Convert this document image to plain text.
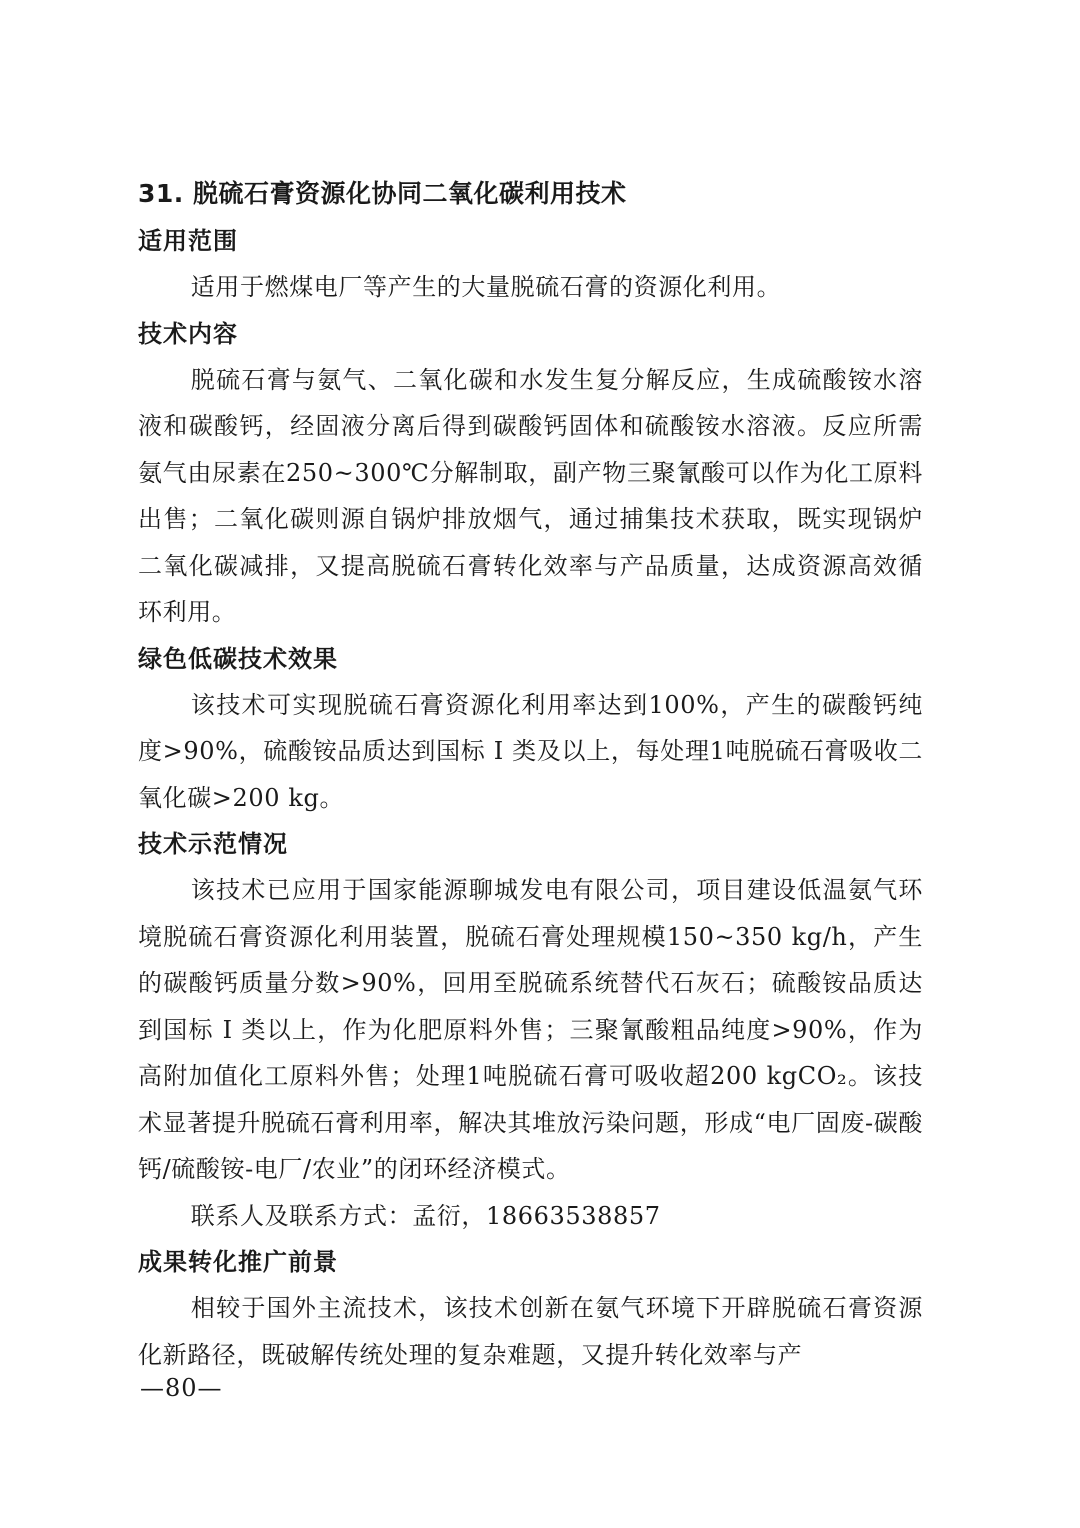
31. 脱硫石膏资源化协同二氧化碳利用技术
适用范围

适用于燃煤电厂等产生的大量脱硫石膏的资源化利用。

技术内容

脱硫石膏与氨气、二氧化碳和水发生复分解反应，生成硫酸铵水溶液和碳酸钙，经固液分离后得到碳酸钙固体和硫酸铵水溶液。反应所需氨气由尿素在250~300℃分解制取，副产物三聚氰酸可以作为化工原料出售；二氧化碳则源自锅炉排放烟气，通过捕集技术获取，既实现锅炉二氧化碳减排，又提高脱硫石膏转化效率与产品质量，达成资源高效循环利用。

绿色低碳技术效果

该技术可实现脱硫石膏资源化利用率达到100%，产生的碳酸钙纯度>90%，硫酸铵品质达到国标 I 类及以上，每处理1吨脱硫石膏吸收二氧化碳>200 kg。

技术示范情况

该技术已应用于国家能源聊城发电有限公司，项目建设低温氨气环境脱硫石膏资源化利用装置，脱硫石膏处理规模150~350 kg/h，产生的碳酸钙质量分数>90%，回用至脱硫系统替代石灰石；硫酸铵品质达到国标 I 类以上，作为化肥原料外售；三聚氰酸粗品纯度>90%，作为高附加值化工原料外售；处理1吨脱硫石膏可吸收超200 kgCO₂。该技术显著提升脱硫石膏利用率，解决其堆放污染问题，形成“电厂固废-碳酸钙/硫酸铵-电厂/农业”的闭环经济模式。

联系人及联系方式：孟衍，18663538857

成果转化推广前景

相较于国外主流技术，该技术创新在氨气环境下开辟脱硫石膏资源化新路径，既破解传统处理的复杂难题，又提升转化效率与产

—80—
